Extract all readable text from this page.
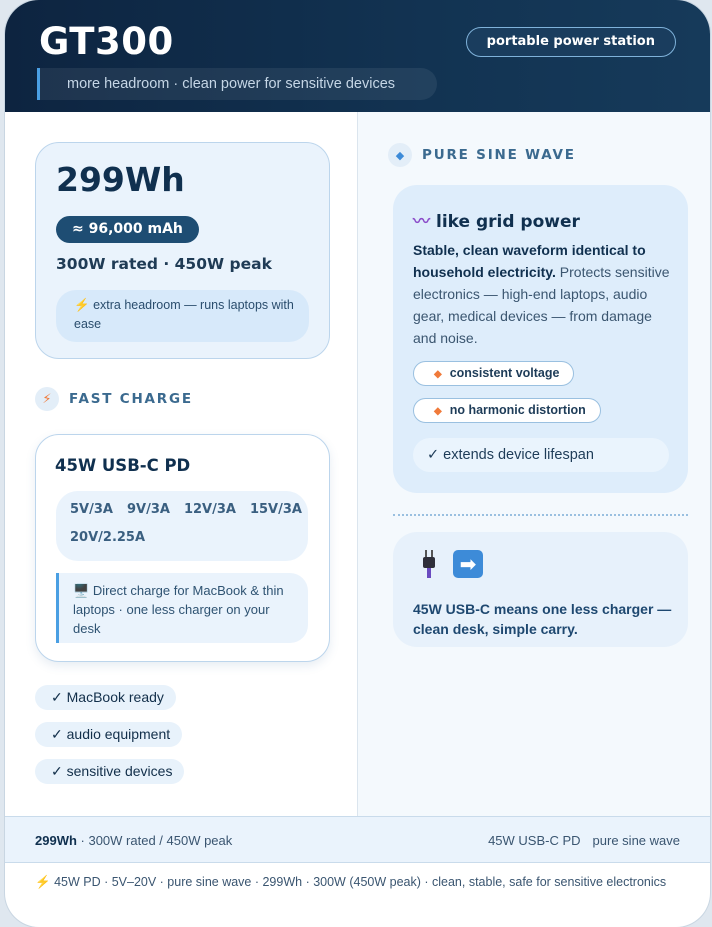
GT300	portable power station
more headroom · clean power for sensitive devices
299Wh
≈ 96,000 mAh
300W rated · 450W peak
⚡ extra headroom — runs laptops with ease
⚡ FAST CHARGE
45W USB-C PD
5V/3A 9V/3A 12V/3A 15V/3A
20V/2.25A
🖥️ Direct charge for MacBook & thin laptops · one less charger on your desk
✓ MacBook ready
✓ audio equipment
✓ sensitive devices
◆ PURE SINE WAVE
〰 like grid power
Stable, clean waveform identical to household electricity. Protects sensitive electronics — high-end laptops, audio gear, medical devices — from damage and noise.
◆ consistent voltage
◆ no harmonic distortion
✓ extends device lifespan
➡
45W USB-C means one less charger — clean desk, simple carry.
299Wh · 300W rated / 450W peak	45W USB-C PD pure sine wave
⚡ 45W PD · 5V–20V · pure sine wave · 299Wh · 300W (450W peak) · clean, stable, safe for sensitive electronics
